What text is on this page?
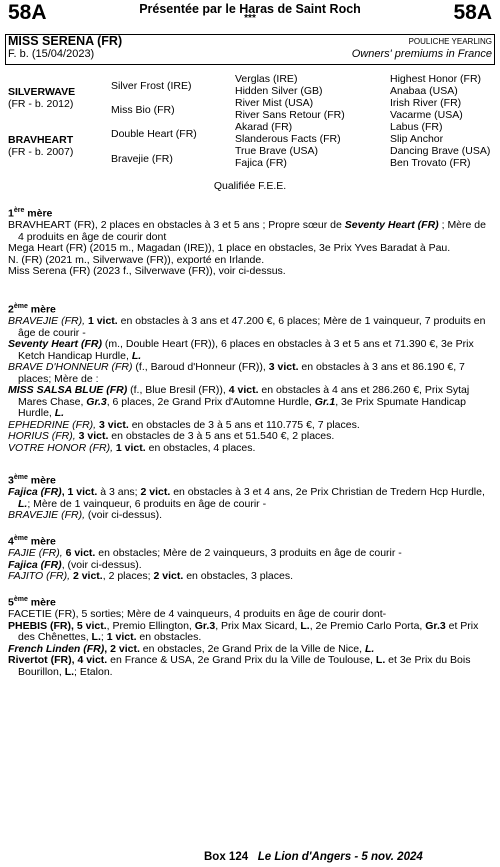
58A	58A
Présentée par le Haras de Saint Roch
***
MISS SERENA (FR)
F. b. (15/04/2023)
POULICHE YEARLING
Owners' premiums in France
SILVERWAVE
(FR - b. 2012)
BRAVHEART
(FR - b. 2007)
Silver Frost (IRE)
Miss Bio (FR)
Double Heart (FR)
Bravejie (FR)
Verglas (IRE)
Hidden Silver (GB)
River Mist (USA)
River Sans Retour (FR)
Akarad (FR)
Slanderous Facts (FR)
True Brave (USA)
Fajica (FR)
Highest Honor (FR)
Anabaa (USA)
Irish River (FR)
Vacarme (USA)
Labus (FR)
Slip Anchor
Dancing Brave (USA)
Ben Trovato (FR)
Qualifiée F.E.E.

1ère mère

BRAVHEART (FR), 2 places en obstacles à 3 et 5 ans ; Propre sœur de Seventy Heart (FR) ; Mère de 4 produits en âge de courir dont

Mega Heart (FR) (2015 m., Magadan (IRE)), 1 place en obstacles, 3e Prix Yves Baradat à Pau.

N. (FR) (2021 m., Silverwave (FR)), exporté en Irlande.

Miss Serena (FR) (2023 f., Silverwave (FR)), voir ci-dessus.

2ème mère

BRAVEJIE (FR), 1 vict. en obstacles à 3 ans et 47.200 €, 6 places; Mère de 1 vainqueur, 7 produits en âge de courir -

Seventy Heart (FR) (m., Double Heart (FR)), 6 places en obstacles à 3 et 5 ans et 71.390 €, 3e Prix Ketch Handicap Hurdle, L.

BRAVE D'HONNEUR (FR) (f., Baroud d'Honneur (FR)), 3 vict. en obstacles à 3 ans et 86.190 €, 7 places; Mère de :

MISS SALSA BLUE (FR) (f., Blue Bresil (FR)), 4 vict. en obstacles à 4 ans et 286.260 €, Prix Sytaj Mares Chase, Gr.3, 6 places, 2e Grand Prix d'Automne Hurdle, Gr.1, 3e Prix Spumate Handicap Hurdle, L.

EPHEDRINE (FR), 3 vict. en obstacles de 3 à 5 ans et 110.775 €, 7 places.

HORIUS (FR), 3 vict. en obstacles de 3 à 5 ans et 51.540 €, 2 places.

VOTRE HONOR (FR), 1 vict. en obstacles, 4 places.

3ème mère

Fajica (FR), 1 vict. à 3 ans; 2 vict. en obstacles à 3 et 4 ans, 2e Prix Christian de Tredern Hcp Hurdle, L.; Mère de 1 vainqueur, 6 produits en âge de courir -

BRAVEJIE (FR), (voir ci-dessus).

4ème mère

FAJIE (FR), 6 vict. en obstacles; Mère de 2 vainqueurs, 3 produits en âge de courir -

Fajica (FR), (voir ci-dessus).

FAJITO (FR), 2 vict., 2 places; 2 vict. en obstacles, 3 places.

5ème mère

FACETIE (FR), 5 sorties; Mère de 4 vainqueurs, 4 produits en âge de courir dont-

PHEBIS (FR), 5 vict., Premio Ellington, Gr.3, Prix Max Sicard, L., 2e Premio Carlo Porta, Gr.3 et Prix des Chênettes, L.; 1 vict. en obstacles.

French Linden (FR), 2 vict. en obstacles, 2e Grand Prix de la Ville de Nice, L.

Rivertot (FR), 4 vict. en France & USA, 2e Grand Prix du la Ville de Toulouse, L. et 3e Prix du Bois Bourillon, L.; Etalon.

Box 124 Le Lion d'Angers - 5 nov. 2024
